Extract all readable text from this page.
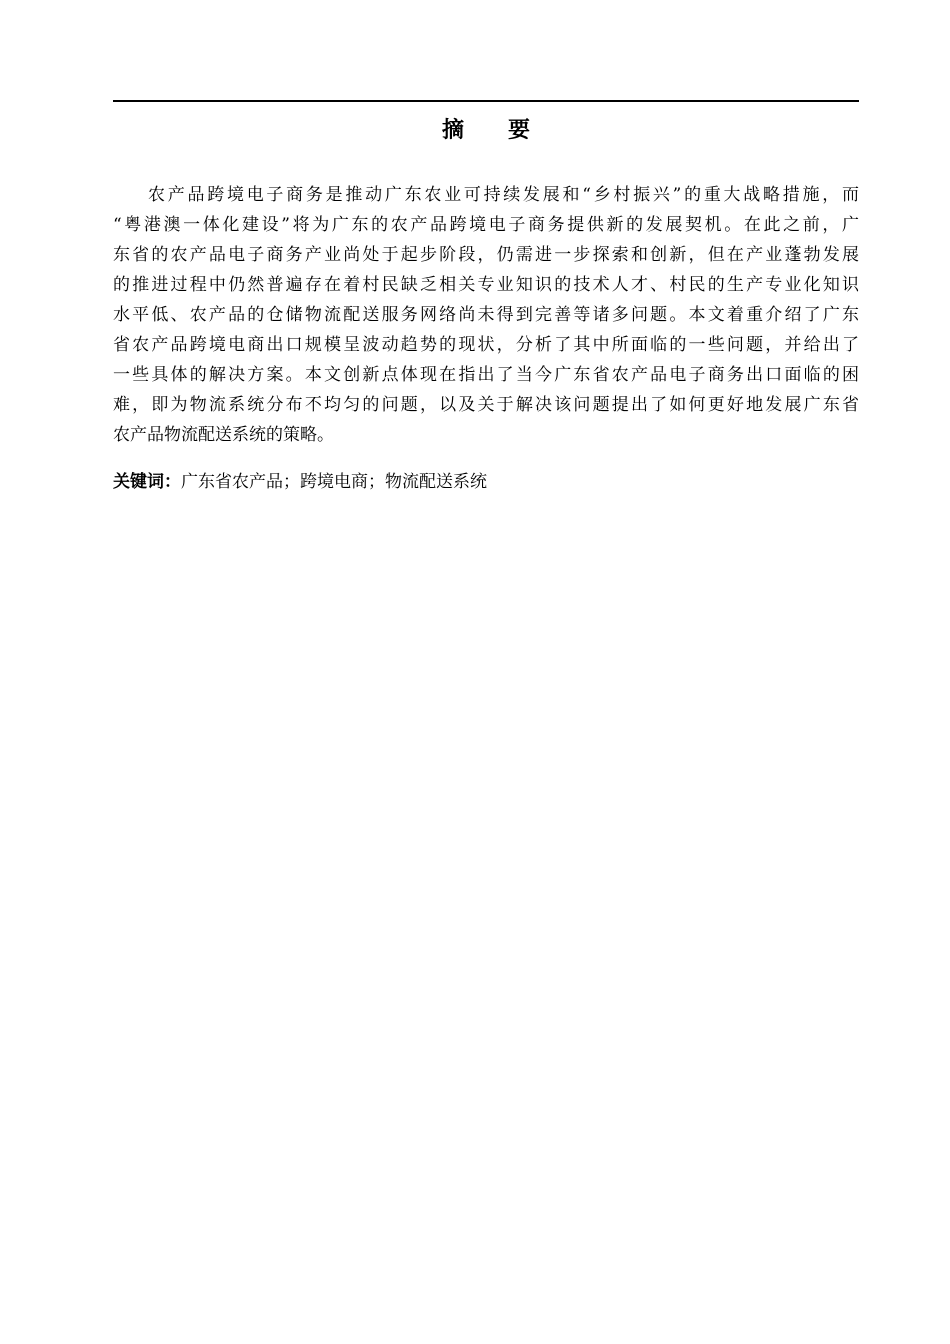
摘 要
农产品跨境电子商务是推动广东农业可持续发展和“乡村振兴”的重大战略措施，而
“粤港澳一体化建设”将为广东的农产品跨境电子商务提供新的发展契机。在此之前，广
东省的农产品电子商务产业尚处于起步阶段，仍需进一步探索和创新，但在产业蓬勃发展
的推进过程中仍然普遍存在着村民缺乏相关专业知识的技术人才、村民的生产专业化知识
水平低、农产品的仓储物流配送服务网络尚未得到完善等诸多问题。本文着重介绍了广东
省农产品跨境电商出口规模呈波动趋势的现状，分析了其中所面临的一些问题，并给出了
一些具体的解决方案。本文创新点体现在指出了当今广东省农产品电子商务出口面临的困
难，即为物流系统分布不均匀的问题，以及关于解决该问题提出了如何更好地发展广东省
农产品物流配送系统的策略。
关键词：广东省农产品；跨境电商；物流配送系统
